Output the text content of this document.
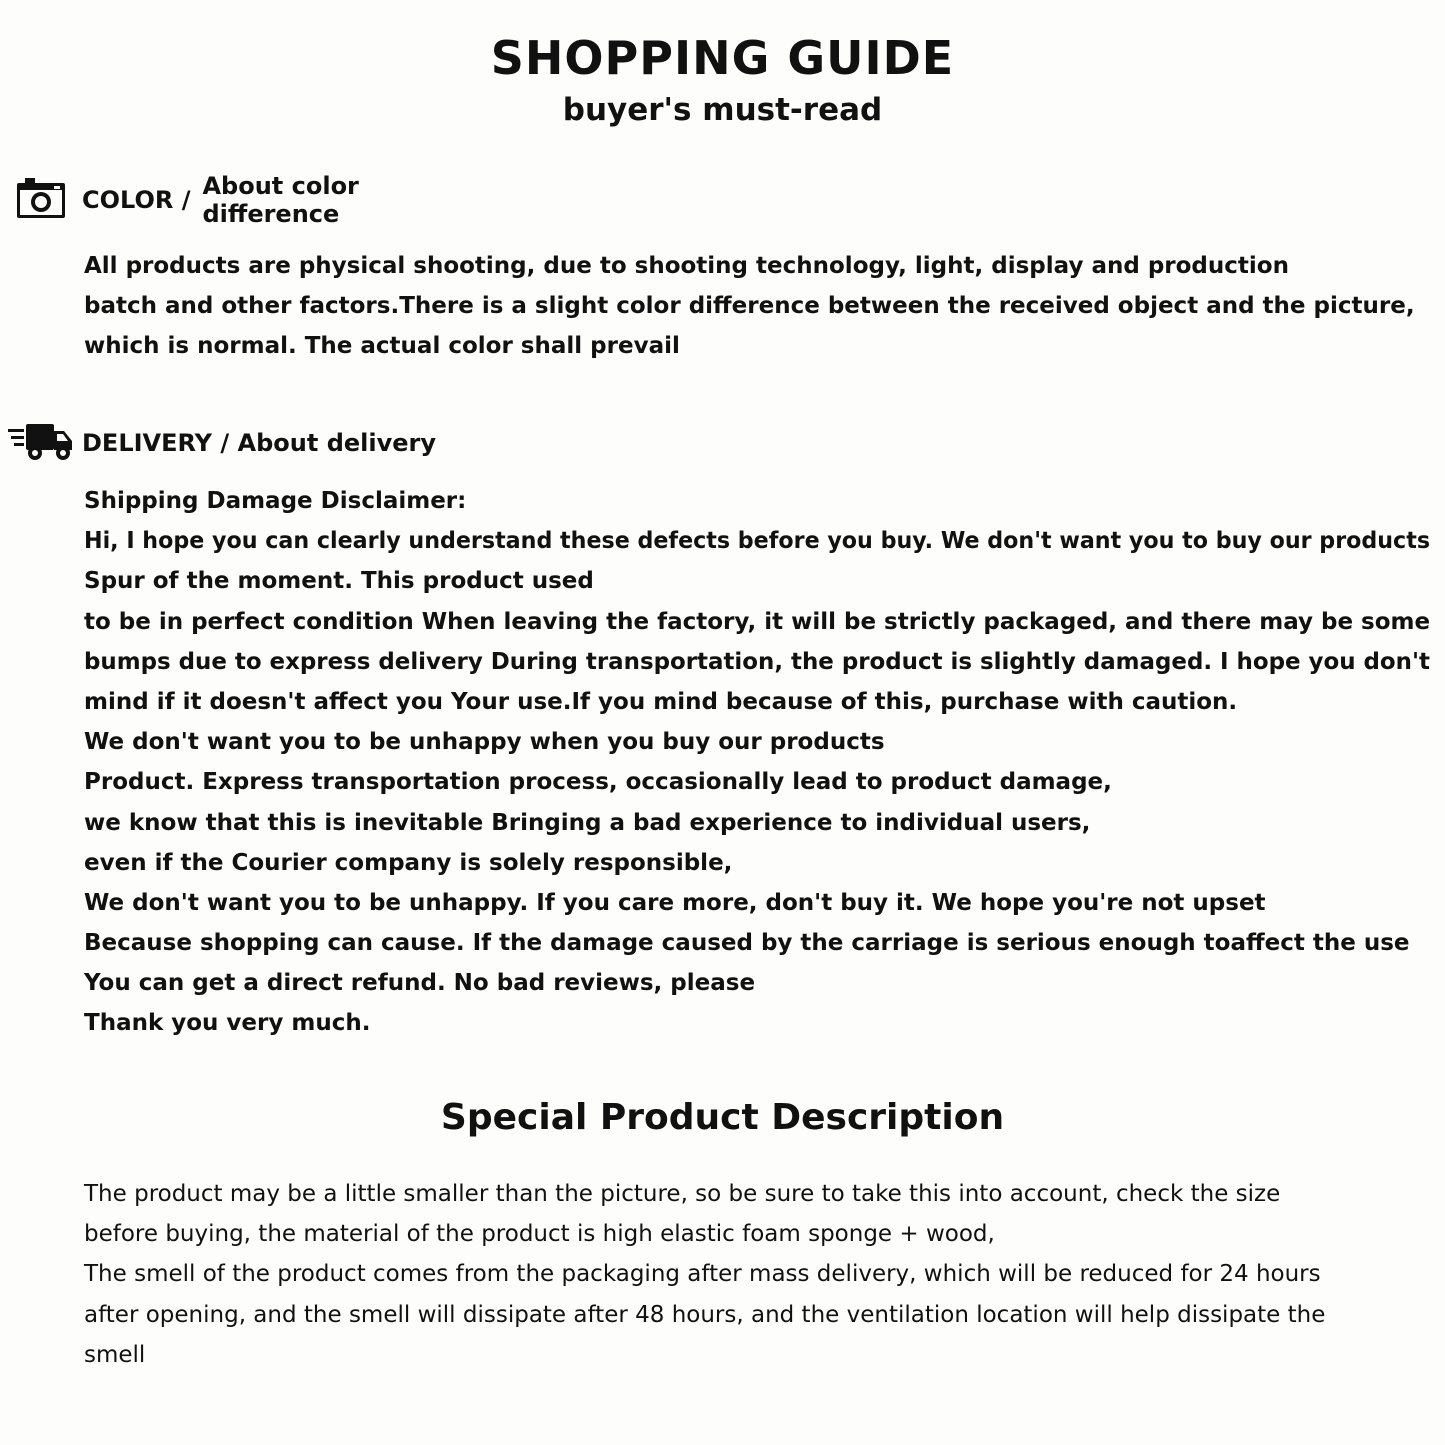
SHOPPING GUIDE
buyer's must-read
COLOR / About color
difference
All products are physical shooting, due to shooting technology, light, display and production
batch and other factors.There is a slight color difference between the received object and the picture,
which is normal. The actual color shall prevail
DELIVERY / About delivery
Shipping Damage Disclaimer:
Hi, I hope you can clearly understand these defects before you buy. We don't want you to buy our products
Spur of the moment. This product used
to be in perfect condition When leaving the factory, it will be strictly packaged, and there may be some
bumps due to express delivery During transportation, the product is slightly damaged. I hope you don't
mind if it doesn't affect you Your use.If you mind because of this, purchase with caution.
We don't want you to be unhappy when you buy our products
Product. Express transportation process, occasionally lead to product damage,
we know that this is inevitable Bringing a bad experience to individual users,
even if the Courier company is solely responsible,
We don't want you to be unhappy. If you care more, don't buy it. We hope you're not upset
Because shopping can cause. If the damage caused by the carriage is serious enough toaffect the use
You can get a direct refund. No bad reviews, please
Thank you very much.
Special Product Description
The product may be a little smaller than the picture, so be sure to take this into account, check the size
before buying, the material of the product is high elastic foam sponge + wood,
The smell of the product comes from the packaging after mass delivery, which will be reduced for 24 hours
after opening, and the smell will dissipate after 48 hours, and the ventilation location will help dissipate the
smell
